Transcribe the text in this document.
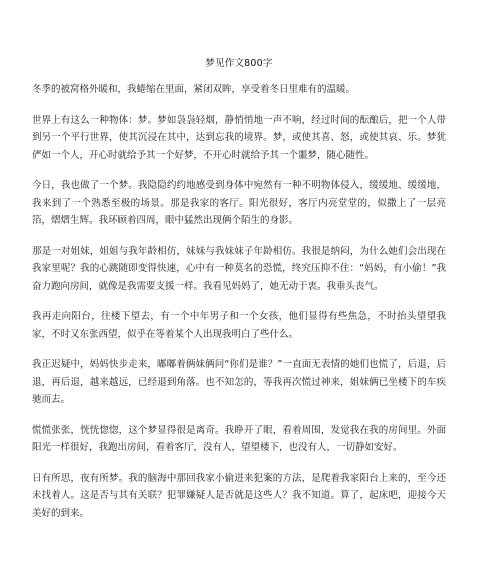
梦见作文800字

冬季的被窝格外暖和，我蜷缩在里面，紧闭双眸，享受着冬日里难有的温暖。

世界上有这么一种物体：梦。梦如袅袅轻烟，静悄悄地一声不响，经过时间的酝酿后，把一个人带到另一个平行世界，使其沉浸在其中，达到忘我的境界。梦，或使其喜、怒，或使其哀、乐。梦犹俨如一个人，开心时就给予其一个好梦，不开心时就给予其一个噩梦，随心随性。

今日，我也做了一个梦。我隐隐约约地感受到身体中宛然有一种不明物体侵入，缓缓地、缓缓地，我来到了一个熟悉至极的场景。那是我家的客厅。阳光很好，客厅内亮堂堂的，似撒上了一层亮箔，熠熠生辉。我环顾着四周，眼中猛然出现俩个陌生的身影。

那是一对姐妹，姐姐与我年龄相仿，妹妹与我妹妹子年龄相仿。我很是纳闷，为什么她们会出现在我家里呢？我的心跳随即变得快速，心中有一种莫名的恐慌，终究压抑不住：“妈妈，有小偷！”我奋力跑向房间，就像是我需要支援一样。我看见妈妈了，她无动于衷。我垂头丧气。

我再走向阳台，往楼下望去，有一个中年男子和一个女孩，他们显得有些焦急，不时抬头望望我家，不时又东张西望，似乎在等着某个人出现我明白了些什么。

我正迟疑中，妈妈快步走来，嘟嘟着俩妹俩问“你们是谁？”一直面无表情的她们也慌了，后退，后退，再后退，越来越远，已经退到角落。也不知怎的，等我再次慌过神来，姐妹俩已坐楼下的车疾驰而去。

慌慌张张，恍恍惚惚，这个梦显得很是离奇。我睁开了眼，看着周围，发觉我在我的房间里。外面阳光一样很好，我跑出房间，看着客厅，没有人，望望楼下，也没有人，一切静如安好。

日有所思，夜有所梦。我的脑海中那回我家小偷进来犯案的方法，是爬着我家阳台上来的，至今还未找着人。这是否与其有关联？犯罪嫌疑人是否就是这些人？我不知道。算了，起床吧，迎接今天美好的到来。
